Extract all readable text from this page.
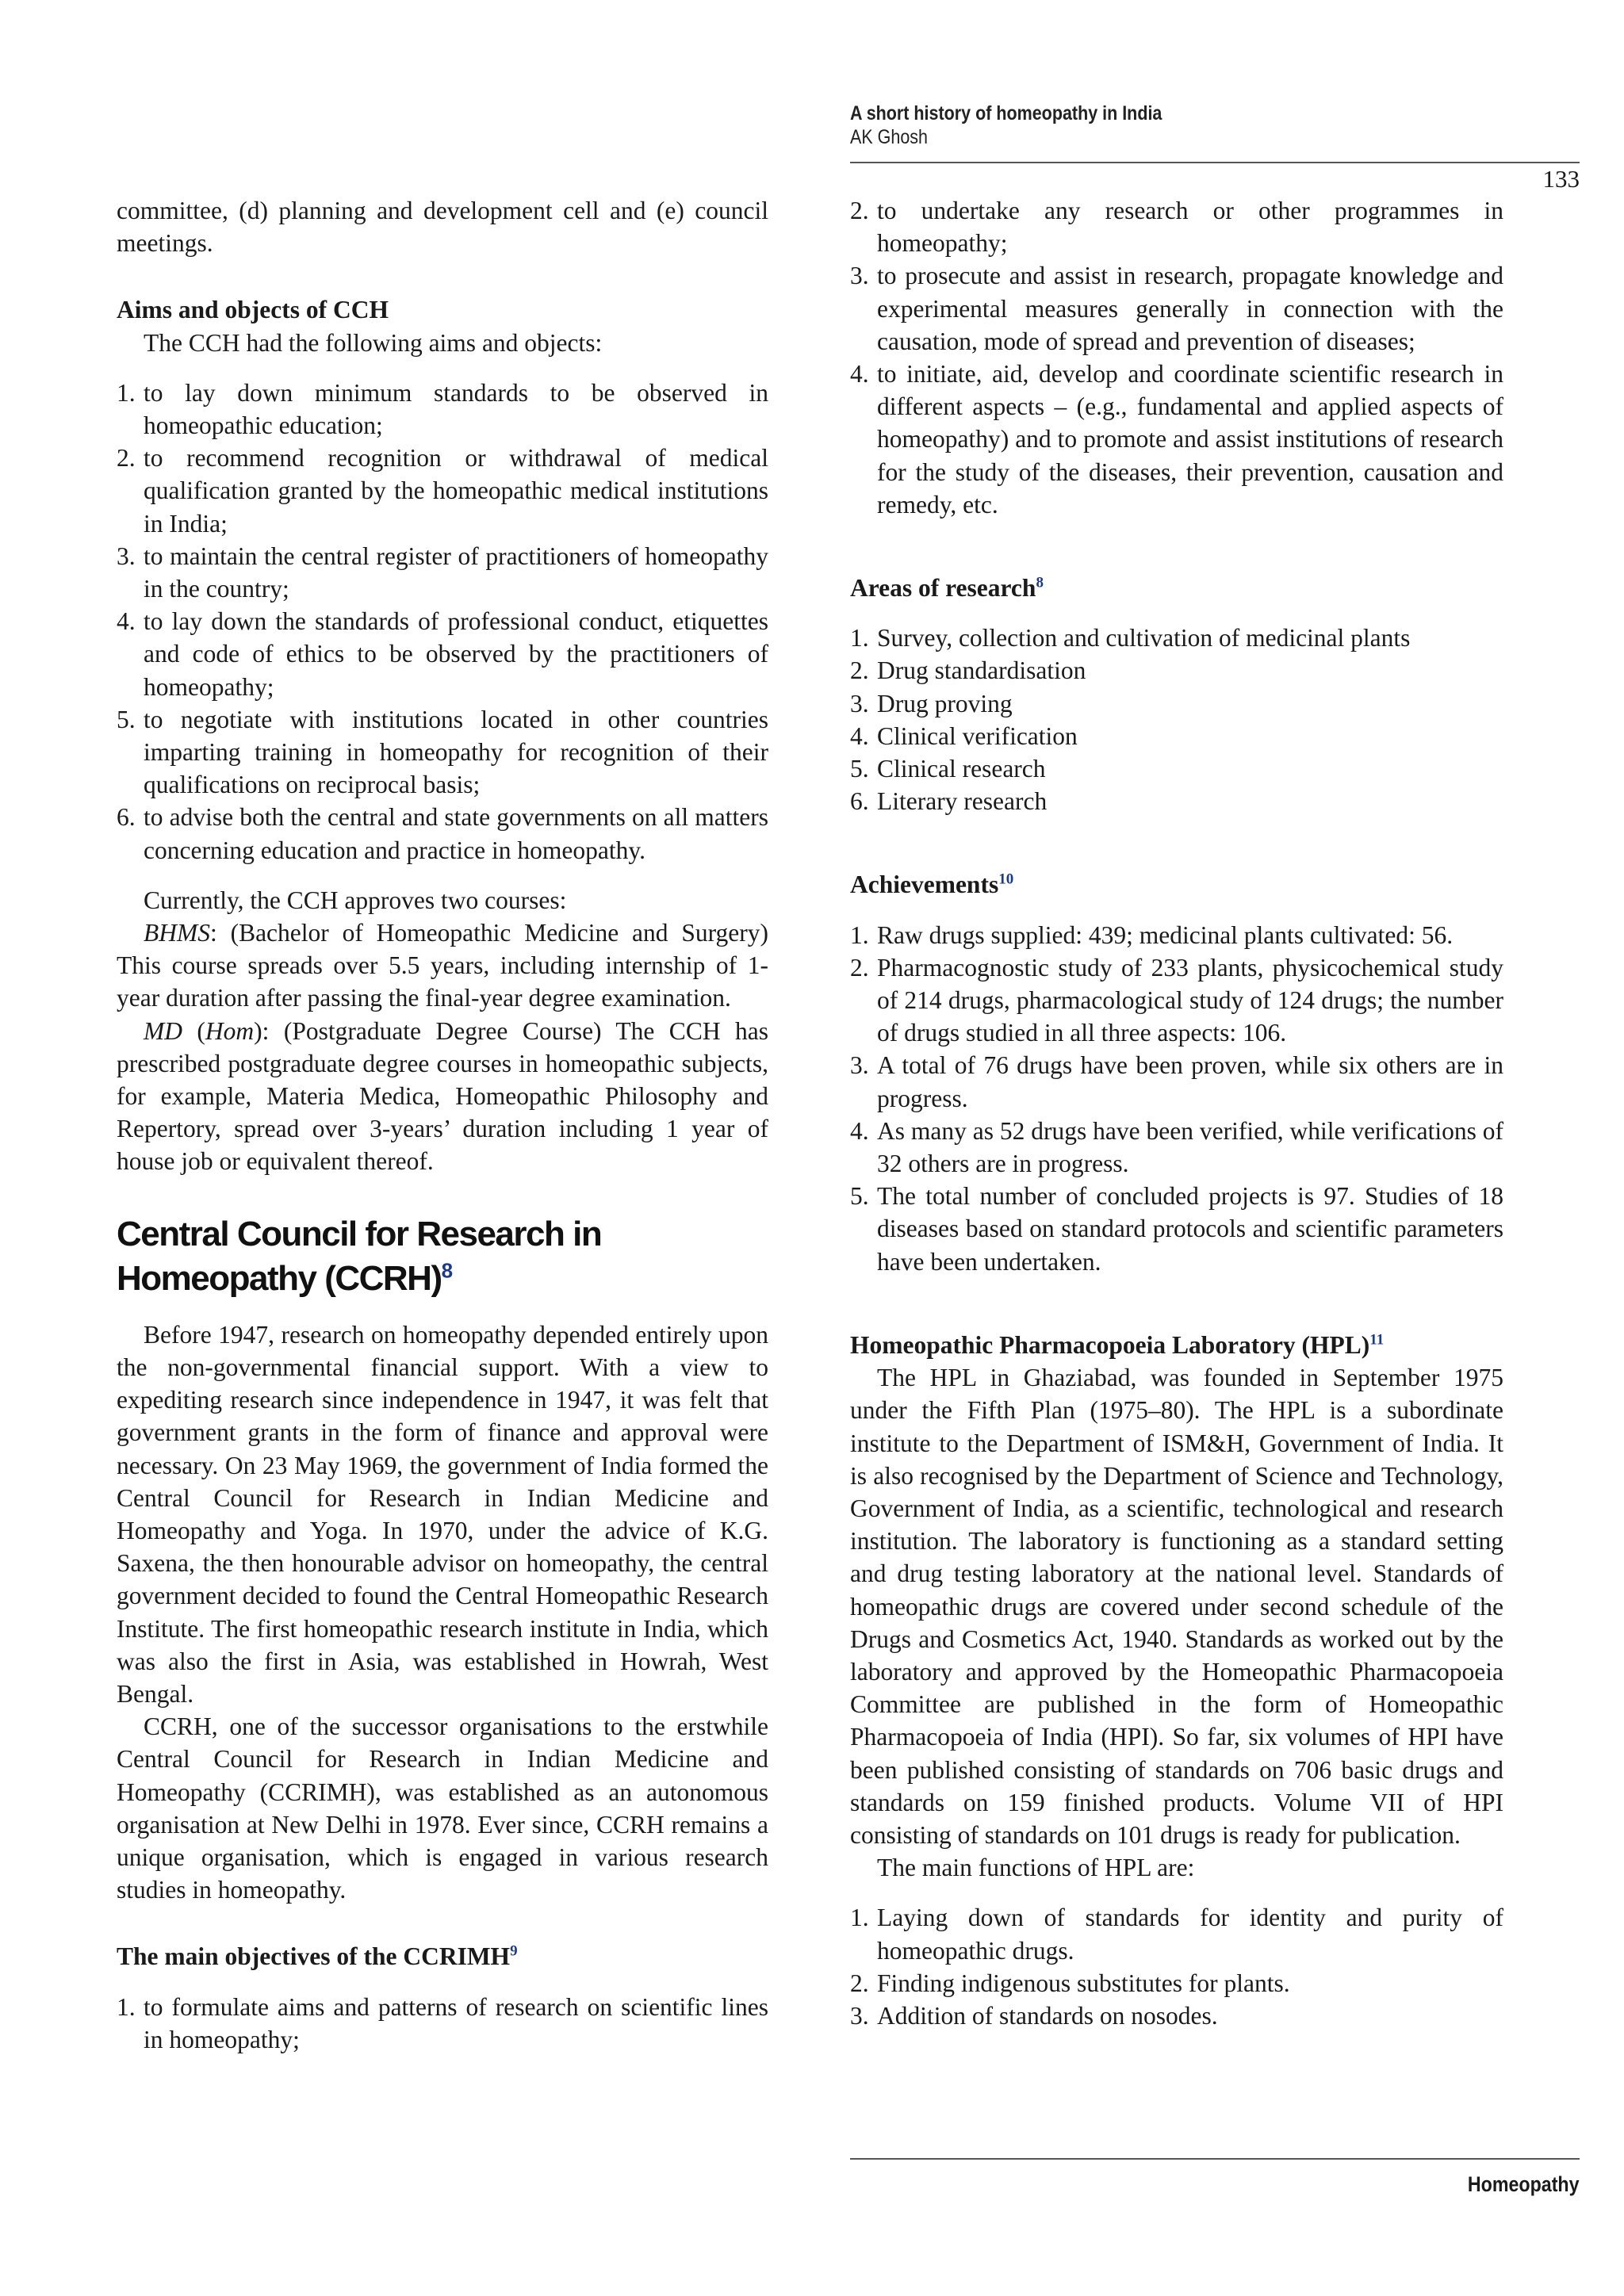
A short history of homeopathy in India
AK Ghosh
133

committee, (d) planning and development cell and (e) council meetings.

Aims and objects of CCH

The CCH had the following aims and objects:

1. to lay down minimum standards to be observed in homeopathic education;
2. to recommend recognition or withdrawal of medical qualification granted by the homeopathic medical institutions in India;
3. to maintain the central register of practitioners of homeopathy in the country;
4. to lay down the standards of professional conduct, etiquettes and code of ethics to be observed by the practitioners of homeopathy;
5. to negotiate with institutions located in other countries imparting training in homeopathy for recognition of their qualifications on reciprocal basis;
6. to advise both the central and state governments on all matters concerning education and practice in homeopathy.

Currently, the CCH approves two courses:

BHMS: (Bachelor of Homeopathic Medicine and Surgery) This course spreads over 5.5 years, including internship of 1-year duration after passing the final-year degree examination.

MD (Hom): (Postgraduate Degree Course) The CCH has prescribed postgraduate degree courses in homeopathic subjects, for example, Materia Medica, Homeopathic Philosophy and Repertory, spread over 3-years’ duration including 1 year of house job or equivalent thereof.

Central Council for Research in Homeopathy (CCRH)$^8$

Before 1947, research on homeopathy depended entirely upon the non-governmental financial support. With a view to expediting research since independence in 1947, it was felt that government grants in the form of finance and approval were necessary. On 23 May 1969, the government of India formed the Central Council for Research in Indian Medicine and Homeopathy and Yoga. In 1970, under the advice of K.G. Saxena, the then honourable advisor on homeopathy, the central government decided to found the Central Homeopathic Research Institute. The first homeopathic research institute in India, which was also the first in Asia, was established in Howrah, West Bengal.

CCRH, one of the successor organisations to the erstwhile Central Council for Research in Indian Medicine and Homeopathy (CCRIMH), was established as an autonomous organisation at New Delhi in 1978. Ever since, CCRH remains a unique organisation, which is engaged in various research studies in homeopathy.

The main objectives of the CCRIMH$^9$
1. to formulate aims and patterns of research on scientific lines in homeopathy;
2. to undertake any research or other programmes in homeopathy;
3. to prosecute and assist in research, propagate knowledge and experimental measures generally in connection with the causation, mode of spread and prevention of diseases;
4. to initiate, aid, develop and coordinate scientific research in different aspects – (e.g., fundamental and applied aspects of homeopathy) and to promote and assist institutions of research for the study of the diseases, their prevention, causation and remedy, etc.
Areas of research$^8$
1. Survey, collection and cultivation of medicinal plants
2. Drug standardisation
3. Drug proving
4. Clinical verification
5. Clinical research
6. Literary research
Achievements$^{10}$
1. Raw drugs supplied: 439; medicinal plants cultivated: 56.
2. Pharmacognostic study of 233 plants, physicochemical study of 214 drugs, pharmacological study of 124 drugs; the number of drugs studied in all three aspects: 106.
3. A total of 76 drugs have been proven, while six others are in progress.
4. As many as 52 drugs have been verified, while verifications of 32 others are in progress.
5. The total number of concluded projects is 97. Studies of 18 diseases based on standard protocols and scientific parameters have been undertaken.
Homeopathic Pharmacopoeia Laboratory (HPL)$^{11}$

The HPL in Ghaziabad, was founded in September 1975 under the Fifth Plan (1975–80). The HPL is a subordinate institute to the Department of ISM&H, Government of India. It is also recognised by the Department of Science and Technology, Government of India, as a scientific, technological and research institution. The laboratory is functioning as a standard setting and drug testing laboratory at the national level. Standards of homeopathic drugs are covered under second schedule of the Drugs and Cosmetics Act, 1940. Standards as worked out by the laboratory and approved by the Homeopathic Pharmacopoeia Committee are published in the form of Homeopathic Pharmacopoeia of India (HPI). So far, six volumes of HPI have been published consisting of standards on 706 basic drugs and standards on 159 finished products. Volume VII of HPI consisting of standards on 101 drugs is ready for publication.

The main functions of HPL are:

1. Laying down of standards for identity and purity of homeopathic drugs.
2. Finding indigenous substitutes for plants.
3. Addition of standards on nosodes.
Homeopathy
